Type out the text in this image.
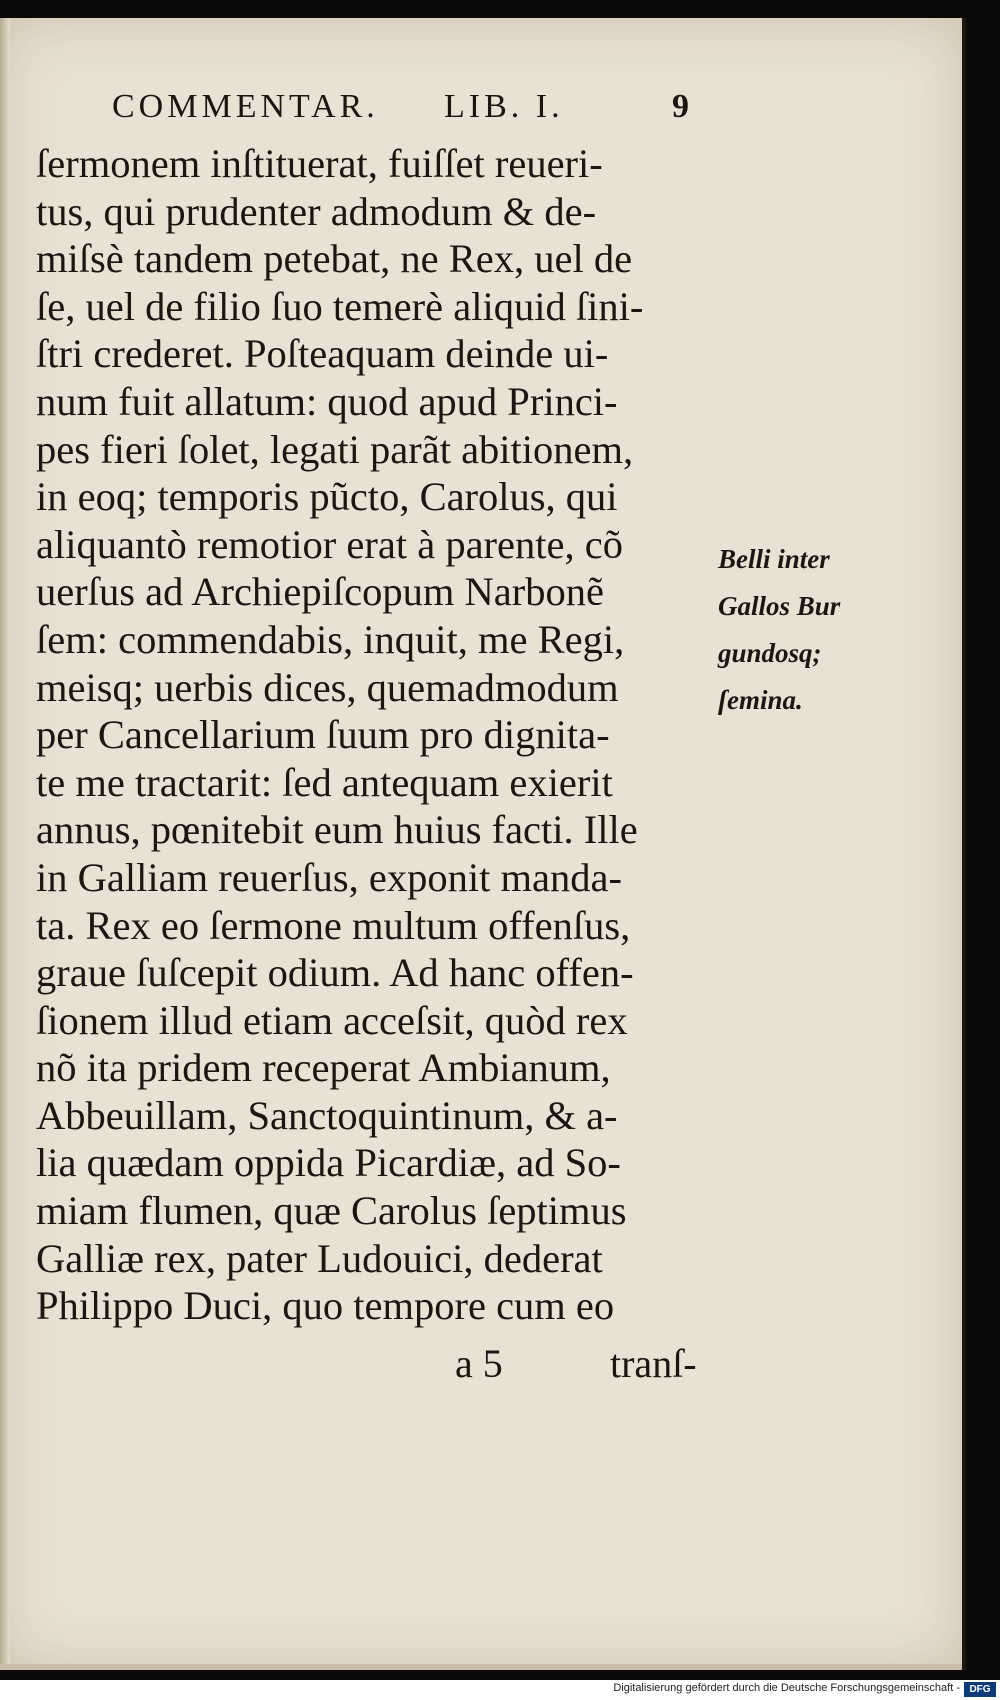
COMMENTAR. LIB. I.	9
ſermonem inſtituerat, fuiſſet reueri-
tus, qui prudenter admodum & de-
miſsè tandem petebat, ne Rex, uel de
ſe, uel de filio ſuo temerè aliquid ſini-
ſtri crederet. Poſteaquam deinde ui-
num fuit allatum: quod apud Princi-
pes fieri ſolet, legati parãt abitionem,
in eoq; temporis pũcto, Carolus, qui
aliquantò remotior erat à parente, cõ
uerſus ad Archiepiſcopum Narbonẽ
ſem: commendabis, inquit, me Regi,
meisq; uerbis dices, quemadmodum
per Cancellarium ſuum pro dignita-
te me tractarit: ſed antequam exierit
annus, pœnitebit eum huius facti. Ille
in Galliam reuerſus, exponit manda-
ta. Rex eo ſermone multum offenſus,
graue ſuſcepit odium. Ad hanc offen-
ſionem illud etiam acceſsit, quòd rex
nõ ita pridem receperat Ambianum,
Abbeuillam, Sanctoquintinum, & a-
lia quædam oppida Picardiæ, ad So-
miam flumen, quæ Carolus ſeptimus
Galliæ rex, pater Ludouici, dederat
Philippo Duci, quo tempore cum eo
Belli inter
Gallos Bur
gundosq;
ſemina.
a 5	tranſ-
Digitalisierung gefördert durch die Deutsche Forschungsgemeinschaft - DFG
